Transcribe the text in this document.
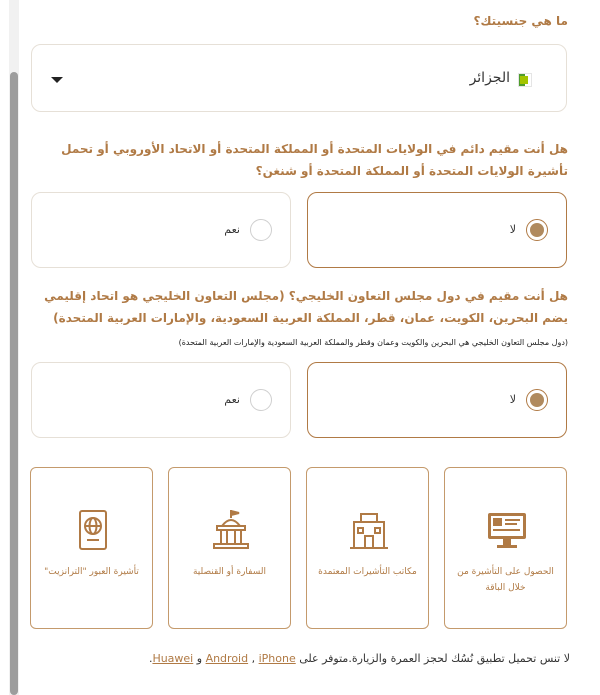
ما هي جنسيتك؟
الجزائر
هل أنت مقيم دائم في الولايات المتحدة أو المملكة المتحدة أو الاتحاد الأوروبي أو تحمل تأشيرة الولايات المتحدة أو المملكة المتحدة أو شنغن؟
لا
نعم
هل أنت مقيم في دول مجلس التعاون الخليجي؟ (مجلس التعاون الخليجي هو اتحاد إقليمي يضم البحرين، الكويت، عمان، قطر، المملكة العربية السعودية، والإمارات العربية المتحدة)
(دول مجلس التعاون الخليجي هي البحرين والكويت وعمان وقطر والمملكة العربية السعودية والإمارات العربية المتحدة)
لا
نعم
الحصول على التأشيرة من خلال الباقة
مكاتب التأشيرات المعتمدة
السفارة أو القنصلية
تأشيرة العبور "الترانزيت"
لا تنس تحميل تطبيق نُسُك لحجز العمرة والزيارة.متوفر على Android , iPhone و Huawei.
